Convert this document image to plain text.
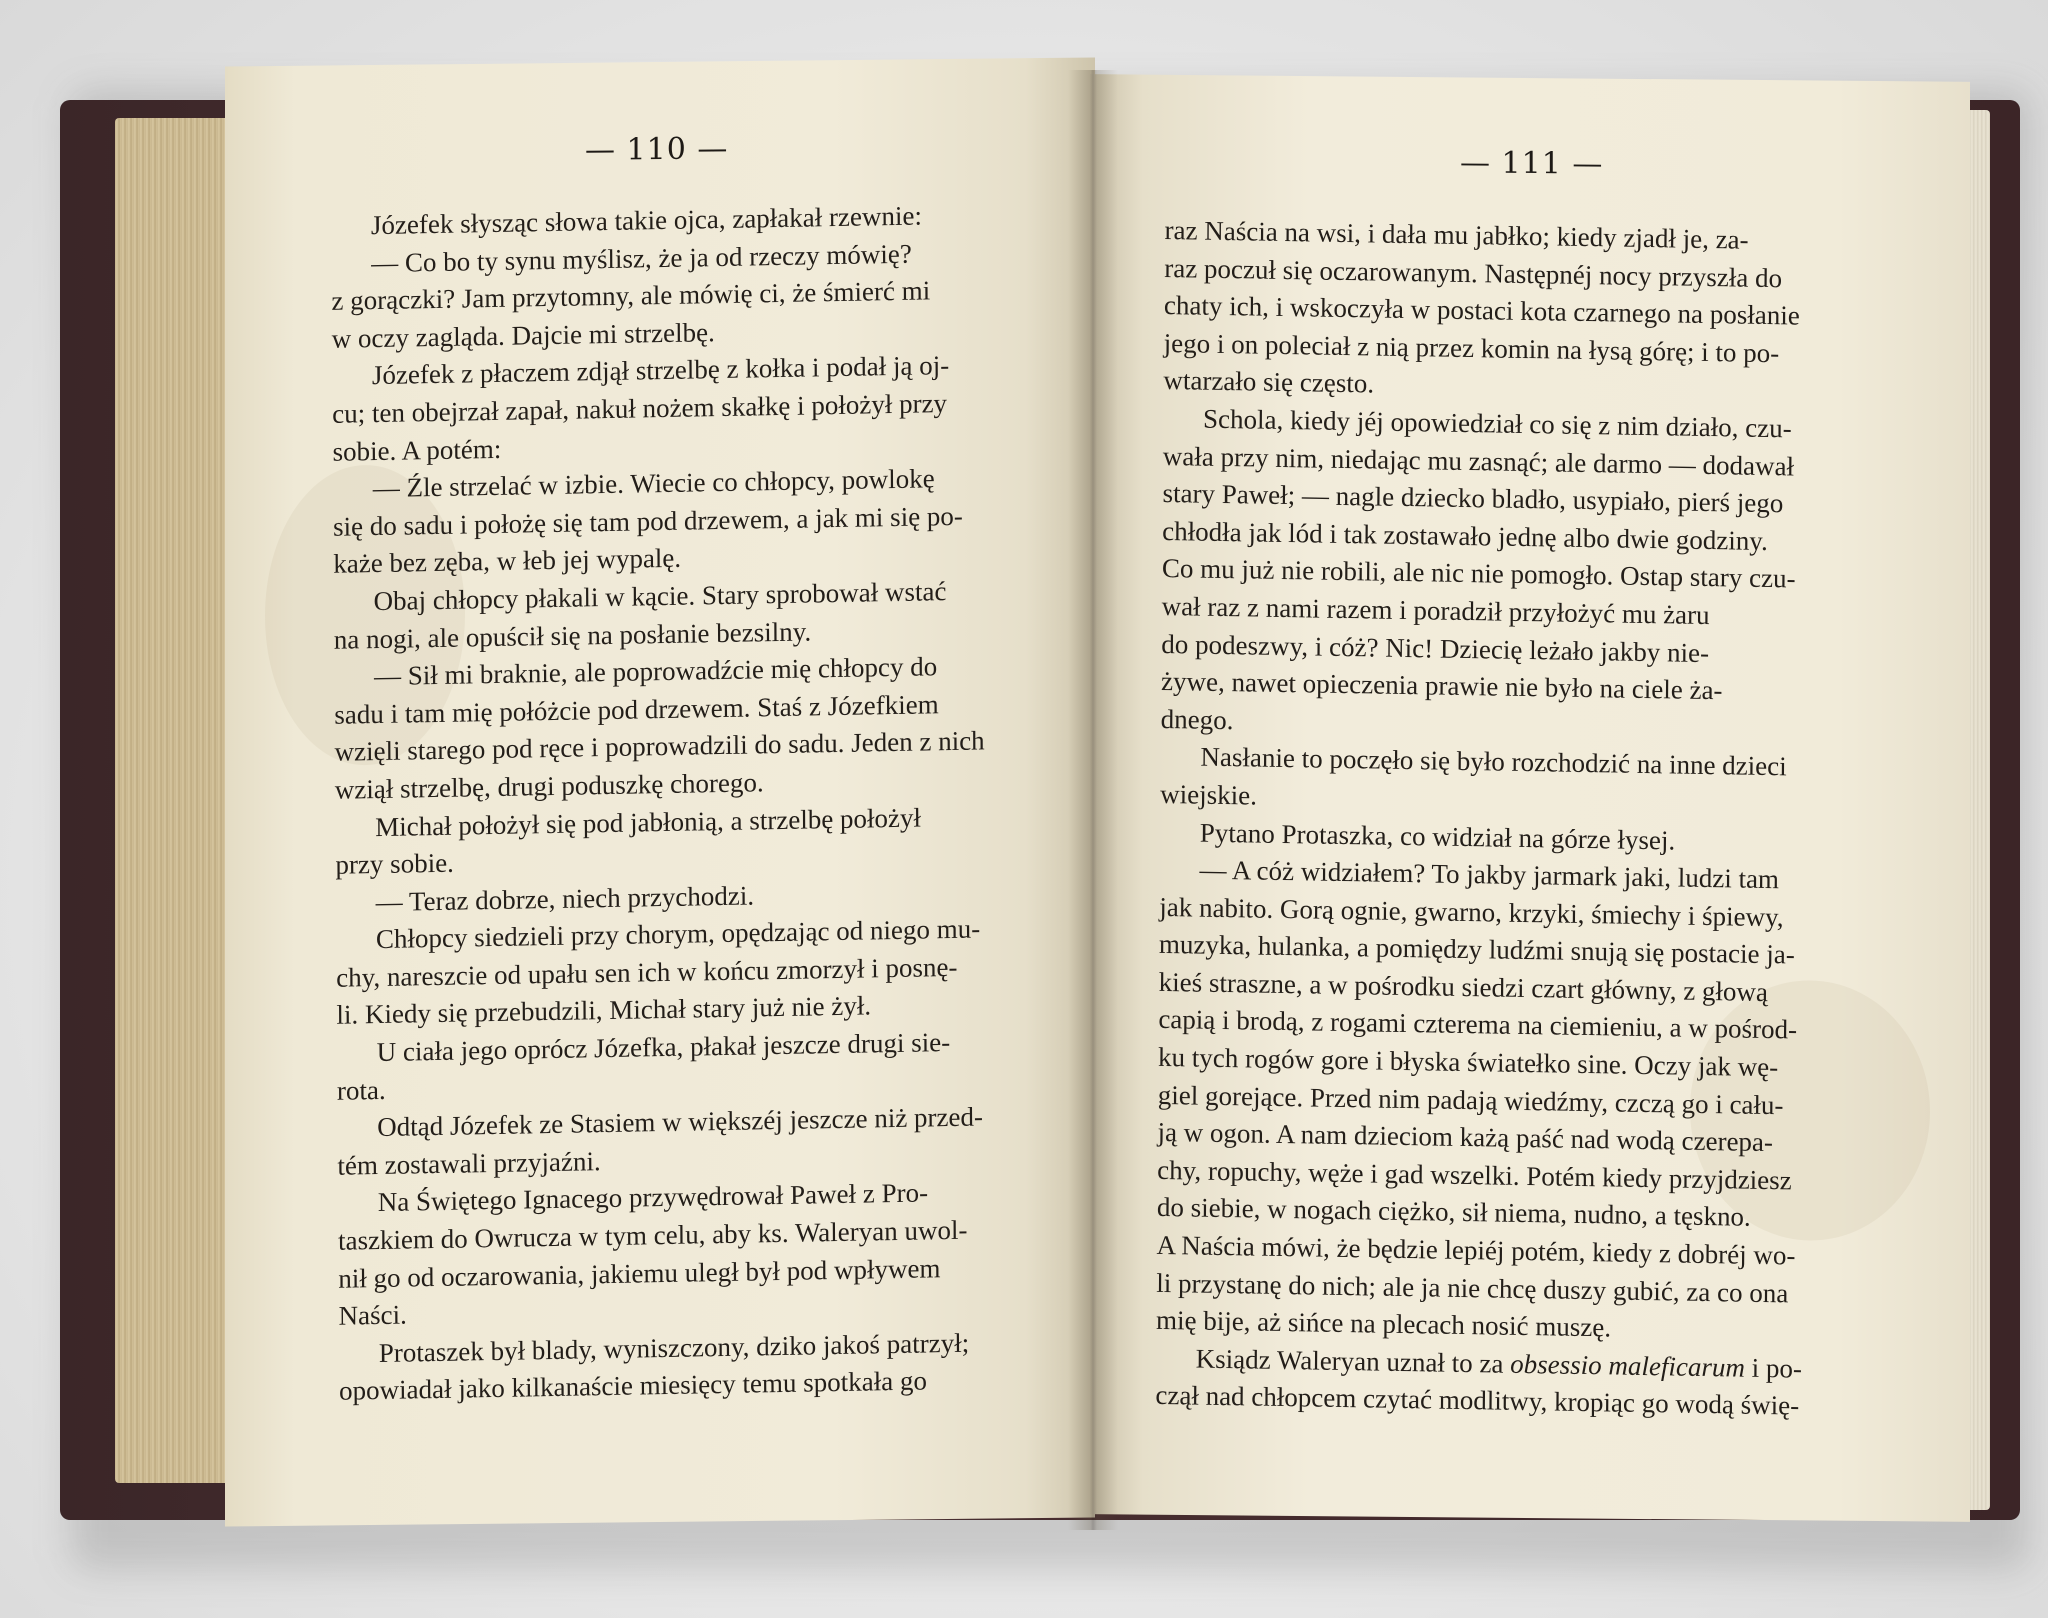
— 110 —
Józefek słysząc słowa takie ojca, zapłakał rzewnie:
— Co bo ty synu myślisz, że ja od rzeczy mówię?
z gorączki? Jam przytomny, ale mówię ci, że śmierć mi
w oczy zagląda. Dajcie mi strzelbę.
Józefek z płaczem zdjął strzelbę z kołka i podał ją oj-
cu; ten obejrzał zapał, nakuł nożem skałkę i położył przy
sobie. A potém:
— Źle strzelać w izbie. Wiecie co chłopcy, powlokę
się do sadu i położę się tam pod drzewem, a jak mi się po-
każe bez zęba, w łeb jej wypalę.
Obaj chłopcy płakali w kącie. Stary sprobował wstać
na nogi, ale opuścił się na posłanie bezsilny.
— Sił mi braknie, ale poprowadźcie mię chłopcy do
sadu i tam mię połóżcie pod drzewem. Staś z Józefkiem
wzięli starego pod ręce i poprowadzili do sadu. Jeden z nich
wziął strzelbę, drugi poduszkę chorego.
Michał położył się pod jabłonią, a strzelbę położył
przy sobie.
— Teraz dobrze, niech przychodzi.
Chłopcy siedzieli przy chorym, opędzając od niego mu-
chy, nareszcie od upału sen ich w końcu zmorzył i posnę-
li. Kiedy się przebudzili, Michał stary już nie żył.
U ciała jego oprócz Józefka, płakał jeszcze drugi sie-
rota.
Odtąd Józefek ze Stasiem w większéj jeszcze niż przed-
tém zostawali przyjaźni.
Na Świętego Ignacego przywędrował Paweł z Pro-
taszkiem do Owrucza w tym celu, aby ks. Waleryan uwol-
nił go od oczarowania, jakiemu uległ był pod wpływem
Naści.
Protaszek był blady, wyniszczony, dziko jakoś patrzył;
opowiadał jako kilkanaście miesięcy temu spotkała go
— 111 —
raz Naścia na wsi, i dała mu jabłko; kiedy zjadł je, za-
raz poczuł się oczarowanym. Następnéj nocy przyszła do
chaty ich, i wskoczyła w postaci kota czarnego na posłanie
jego i on poleciał z nią przez komin na łysą górę; i to po-
wtarzało się często.
Schola, kiedy jéj opowiedział co się z nim działo, czu-
wała przy nim, niedając mu zasnąć; ale darmo — dodawał
stary Paweł; — nagle dziecko bladło, usypiało, pierś jego
chłodła jak lód i tak zostawało jednę albo dwie godziny.
Co mu już nie robili, ale nic nie pomogło. Ostap stary czu-
wał raz z nami razem i poradził przyłożyć mu żaru
do podeszwy, i cóż? Nic! Dziecię leżało jakby nie-
żywe, nawet opieczenia prawie nie było na ciele ża-
dnego.
Nasłanie to poczęło się było rozchodzić na inne dzieci
wiejskie.
Pytano Protaszka, co widział na górze łysej.
— A cóż widziałem? To jakby jarmark jaki, ludzi tam
jak nabito. Gorą ognie, gwarno, krzyki, śmiechy i śpiewy,
muzyka, hulanka, a pomiędzy ludźmi snują się postacie ja-
kieś straszne, a w pośrodku siedzi czart główny, z głową
capią i brodą, z rogami czterema na ciemieniu, a w pośrod-
ku tych rogów gore i błyska światełko sine. Oczy jak wę-
giel gorejące. Przed nim padają wiedźmy, czczą go i cału-
ją w ogon. A nam dzieciom każą paść nad wodą czerepa-
chy, ropuchy, węże i gad wszelki. Potém kiedy przyjdziesz
do siebie, w nogach ciężko, sił niema, nudno, a tęskno.
A Naścia mówi, że będzie lepiéj potém, kiedy z dobréj wo-
li przystanę do nich; ale ja nie chcę duszy gubić, za co ona
mię bije, aż sińce na plecach nosić muszę.
Ksiądz Waleryan uznał to za obsessio maleficarum i po-
czął nad chłopcem czytać modlitwy, kropiąc go wodą świę-
